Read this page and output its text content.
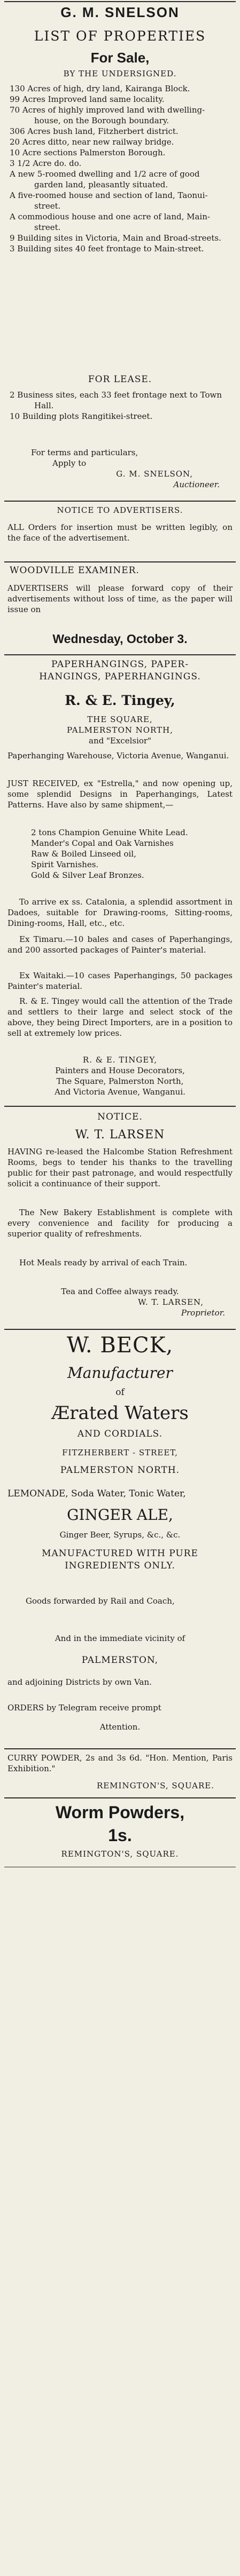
G. M. SNELSON

LIST OF PROPERTIES

For Sale,

BY THE UNDERSIGNED.

130 Acres of high, dry land, Kairanga Block.

99 Acres Improved land same locality.

70 Acres of highly improved land with dwelling-house, on the Borough boundary.

306 Acres bush land, Fitzherbert district.

20 Acres ditto, near new railway bridge.

10 Acre sections Palmerston Borough.

3 1/2 Acre do. do.

A new 5-roomed dwelling and 1/2 acre of good garden land, pleasantly situated.

A five-roomed house and section of land, Taonui-street.

A commodious house and one acre of land, Main-street.

9 Building sites in Victoria, Main and Broad-streets.

3 Building sites 40 feet frontage to Main-street.

FOR LEASE.

2 Business sites, each 33 feet frontage next to Town Hall.

10 Building plots Rangitikei-street.

For terms and particulars,

Apply to

G. M. SNELSON,

Auctioneer.

NOTICE TO ADVERTISERS.

ALL Orders for insertion must be written legibly, on the face of the advertisement.

WOODVILLE EXAMINER.

ADVERTISERS will please forward copy of their advertisements without loss of time, as the paper will issue on

Wednesday, October 3.

PAPERHANGINGS, PAPER-

HANGINGS, PAPERHANGINGS.

R. & E. Tingey,

THE SQUARE,

PALMERSTON NORTH,

and "Excelsior"

Paperhanging Warehouse, Victoria Avenue, Wanganui.

JUST RECEIVED, ex "Estrella," and now opening up, some splendid Designs in Paperhangings, Latest Patterns. Have also by same shipment,—

2 tons Champion Genuine White Lead.

Mander's Copal and Oak Varnishes

Raw & Boiled Linseed oil,

Spirit Varnishes.

Gold & Silver Leaf Bronzes.

To arrive ex ss. Catalonia, a splendid assortment in Dadoes, suitable for Drawing-rooms, Sitting-rooms, Dining-rooms, Hall, etc., etc.

Ex Timaru.—10 bales and cases of Paperhangings, and 200 assorted packages of Painter's material.

Ex Waitaki.—10 cases Paperhangings, 50 packages Painter's material.

R. & E. Tingey would call the attention of the Trade and settlers to their large and select stock of the above, they being Direct Importers, are in a position to sell at extremely low prices.

R. & E. TINGEY,

Painters and House Decorators,

The Square, Palmerston North,

And Victoria Avenue, Wanganui.

NOTICE.

W. T. LARSEN

HAVING re-leased the Halcombe Station Refreshment Rooms, begs to tender his thanks to the travelling public for their past patronage, and would respectfully solicit a continuance of their support.

The New Bakery Establishment is complete with every convenience and facility for producing a superior quality of refreshments.

Hot Meals ready by arrival of each Train.

Tea and Coffee always ready.

W. T. LARSEN,

Proprietor.

W. BECK,

Manufacturer

of

Ærated Waters

AND CORDIALS.

FITZHERBERT - STREET,

PALMERSTON NORTH.

LEMONADE, Soda Water, Tonic Water,

GINGER ALE,

Ginger Beer, Syrups, &c., &c.

MANUFACTURED WITH PURE

INGREDIENTS ONLY.

Goods forwarded by Rail and Coach,

And in the immediate vicinity of

PALMERSTON,

and adjoining Districts by own Van.

ORDERS by Telegram receive prompt

Attention.

CURRY POWDER, 2s and 3s 6d. "Hon. Mention, Paris Exhibition."

REMINGTON'S, SQUARE.

Worm Powders,

1s.

REMINGTON'S, SQUARE.
